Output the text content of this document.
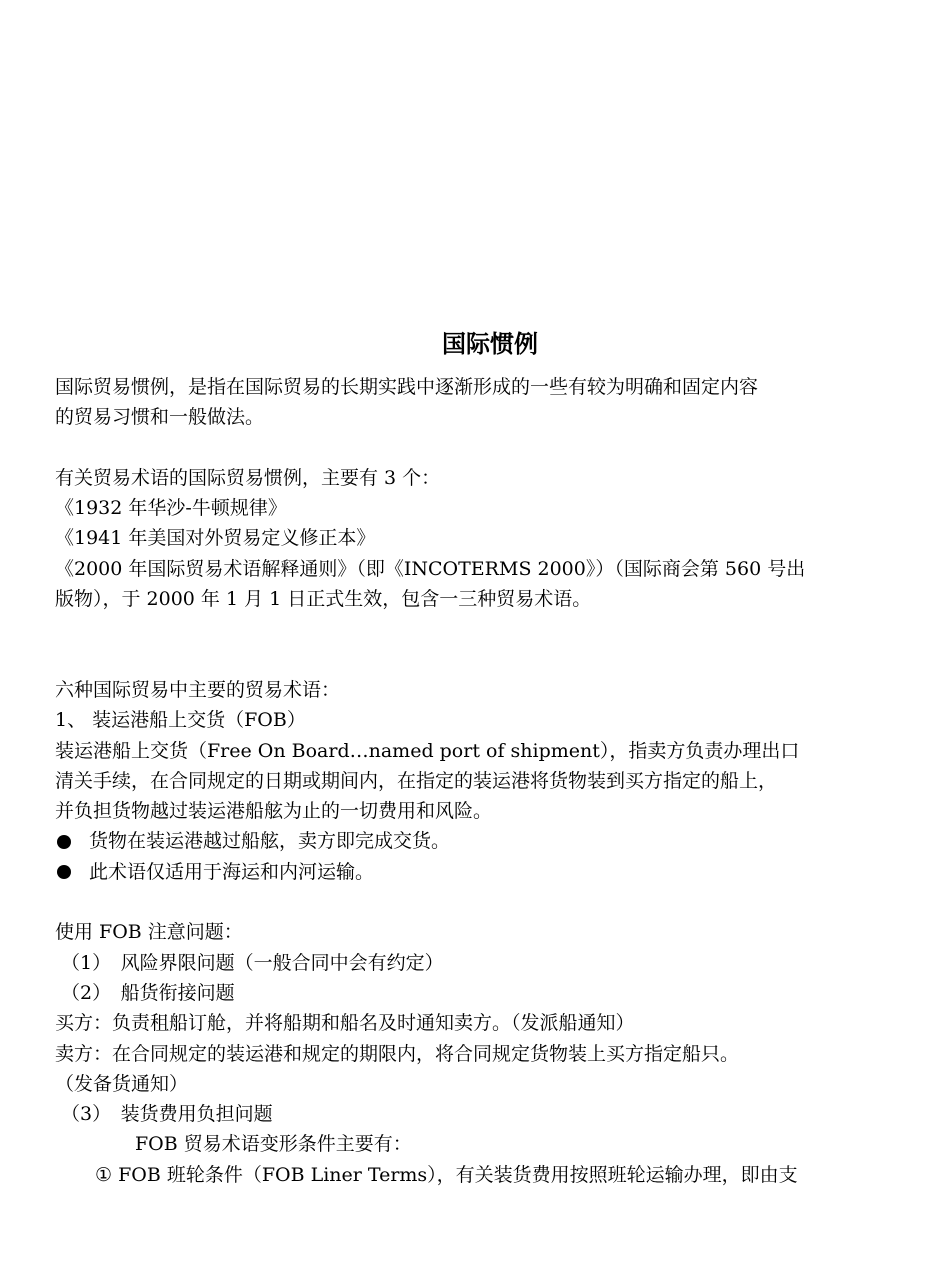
国际惯例
国际贸易惯例，是指在国际贸易的长期实践中逐渐形成的一些有较为明确和固定内容
的贸易习惯和一般做法。
有关贸易术语的国际贸易惯例，主要有 3 个：
《1932 年华沙-牛顿规律》
《1941 年美国对外贸易定义修正本》
《2000 年国际贸易术语解释通则》（即《INCOTERMS 2000》）（国际商会第 560 号出
版物），于 2000 年 1 月 1 日正式生效，包含一三种贸易术语。
六种国际贸易中主要的贸易术语：
1、 装运港船上交货（FOB）
装运港船上交货（Free On Board…named port of shipment），指卖方负责办理出口
清关手续，在合同规定的日期或期间内，在指定的装运港将货物装到买方指定的船上，
并负担货物越过装运港船舷为止的一切费用和风险。
货物在装运港越过船舷，卖方即完成交货。
此术语仅适用于海运和内河运输。
使用 FOB 注意问题：
（1）　风险界限问题（一般合同中会有约定）
（2）　船货衔接问题
买方：负责租船订舱，并将船期和船名及时通知卖方。（发派船通知）
卖方：在合同规定的装运港和规定的期限内，将合同规定货物装上买方指定船只。
（发备货通知）
（3）　装货费用负担问题
FOB 贸易术语变形条件主要有：
① FOB 班轮条件（FOB Liner Terms），有关装货费用按照班轮运输办理，即由支
